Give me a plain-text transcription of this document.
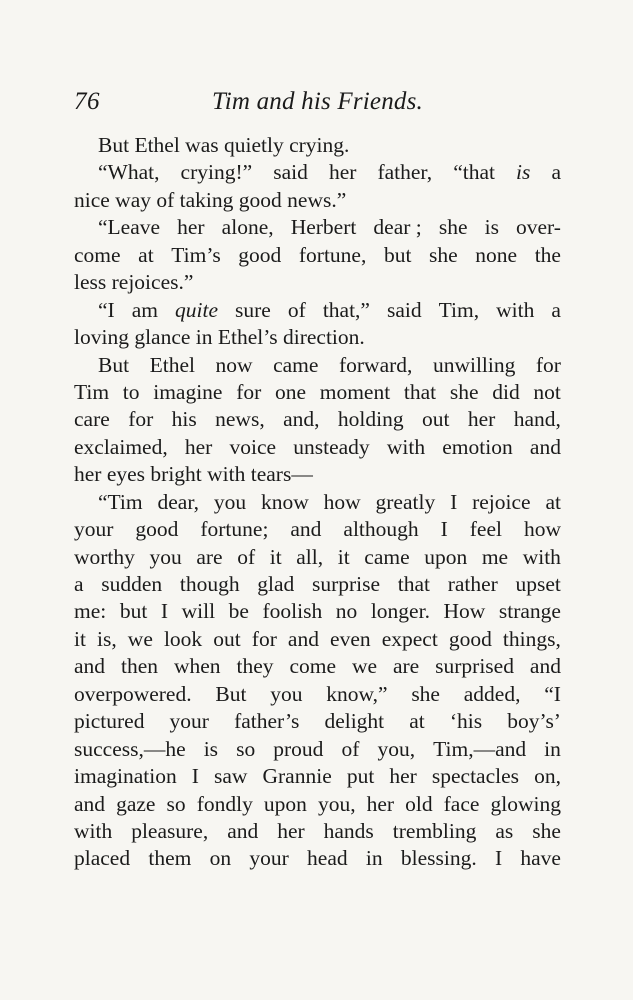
76	Tim and his Friends.
But Ethel was quietly crying.
“What, crying!” said her father, “that is a
nice way of taking good news.”
“Leave her alone, Herbert dear ; she is over-
come at Tim’s good fortune, but she none the
less rejoices.”
“I am quite sure of that,” said Tim, with a
loving glance in Ethel’s direction.
But Ethel now came forward, unwilling for
Tim to imagine for one moment that she did not
care for his news, and, holding out her hand,
exclaimed, her voice unsteady with emotion and
her eyes bright with tears—
“Tim dear, you know how greatly I rejoice at
your good fortune; and although I feel how
worthy you are of it all, it came upon me with
a sudden though glad surprise that rather upset
me: but I will be foolish no longer. How strange
it is, we look out for and even expect good things,
and then when they come we are surprised and
overpowered. But you know,” she added, “I
pictured your father’s delight at ‘his boy’s’
success,—he is so proud of you, Tim,—and in
imagination I saw Grannie put her spectacles on,
and gaze so fondly upon you, her old face glowing
with pleasure, and her hands trembling as she
placed them on your head in blessing. I have
